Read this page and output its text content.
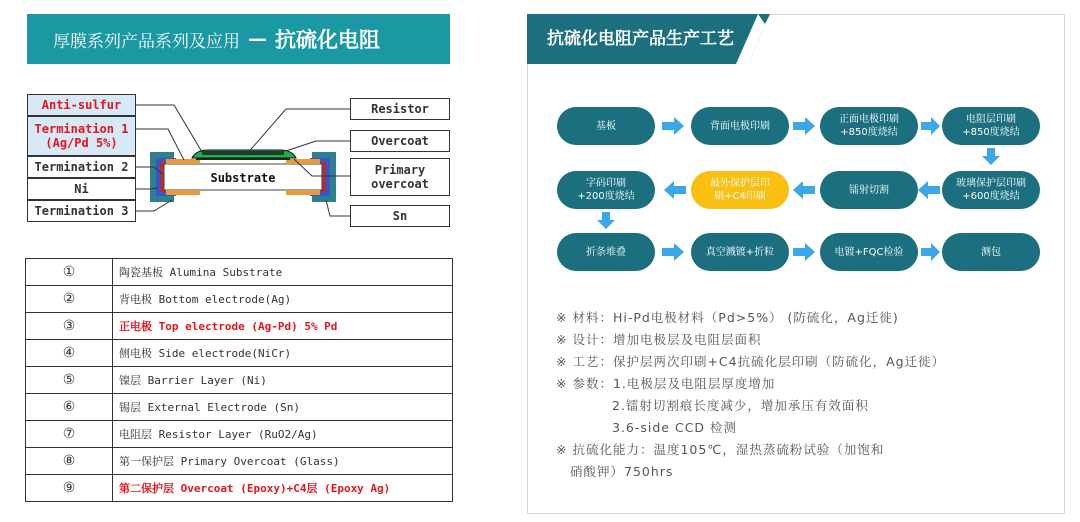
厚膜系列产品系列及应用 — 抗硫化电阻
Anti-sulfur
Termination 1
(Ag/Pd 5%)
Termination 2
Ni
Termination 3
Resistor
Overcoat
Primary
overcoat
Sn
Substrate
①	陶瓷基板 Alumina Substrate
②	背电极 Bottom electrode(Ag)
③	正电极 Top electrode (Ag-Pd) 5% Pd
④	侧电极 Side electrode(NiCr)
⑤	镍层 Barrier Layer (Ni)
⑥	锡层 External Electrode (Sn)
⑦	电阻层 Resistor Layer (RuO2/Ag)
⑧	第一保护层 Primary Overcoat (Glass)
⑨	第二保护层 Overcoat (Epoxy)+C4层 (Epoxy Ag)
抗硫化电阻产品生产工艺
基板	背面电极印刷
正面电极印刷
+850度烧结
电阻层印刷
+850度烧结
玻璃保护层印刷
+600度烧结
镭射切割
最外保护层印
刷+C4印刷
字码印刷
+200度烧结
折条堆叠	真空溅镀+折粒	电镀+FQC检验	测包
※ 材料：Hi-Pd电极材料（Pd>5%） (防硫化，Ag迁徙)
※ 设计：增加电极层及电阻层面积
※ 工艺：保护层两次印刷+C4抗硫化层印刷（防硫化，Ag迁徙）
※ 参数：1.电极层及电阻层厚度增加
2.镭射切割痕长度减少，增加承压有效面积
3.6-side CCD 检测
※ 抗硫化能力：温度105℃，湿热蒸硫粉试验（加饱和
硝酸钾）750hrs
